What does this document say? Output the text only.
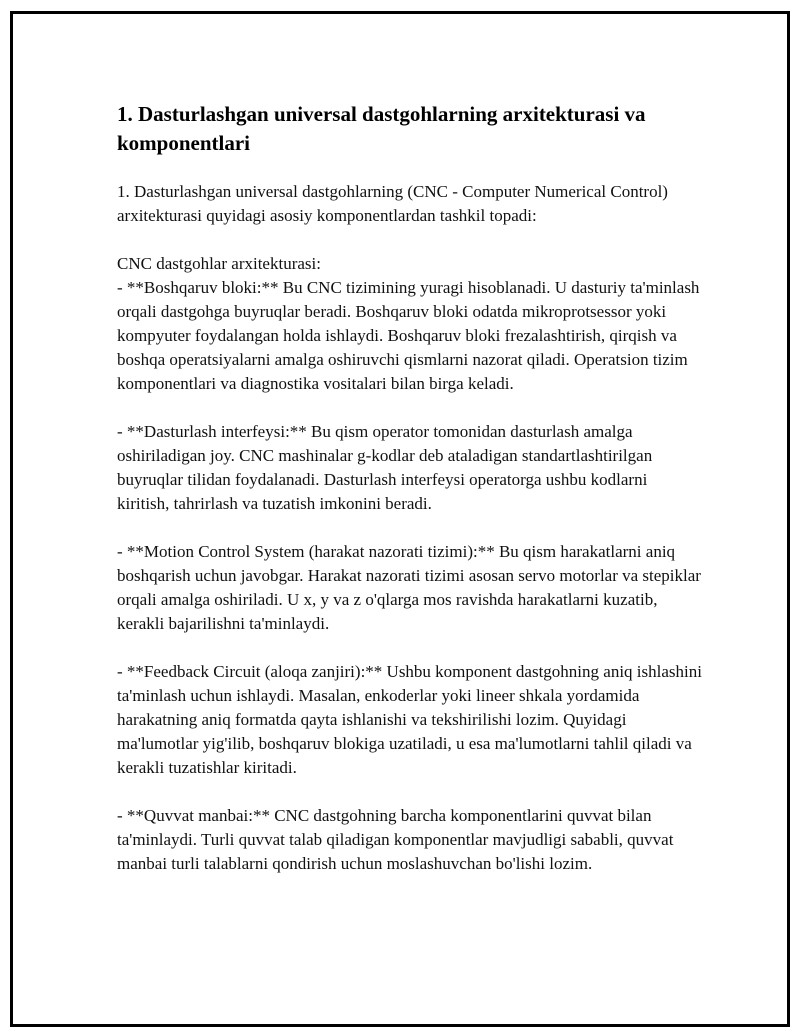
1. Dasturlashgan universal dastgohlarning arxitekturasi va komponentlari

1. Dasturlashgan universal dastgohlarning (CNC - Computer Numerical Control) arxitekturasi quyidagi asosiy komponentlardan tashkil topadi:

CNC dastgohlar arxitekturasi:

- **Boshqaruv bloki:** Bu CNC tizimining yuragi hisoblanadi. U dasturiy ta'minlash orqali dastgohga buyruqlar beradi. Boshqaruv bloki odatda mikroprotsessor yoki kompyuter foydalangan holda ishlaydi. Boshqaruv bloki frezalashtirish, qirqish va boshqa operatsiyalarni amalga oshiruvchi qismlarni nazorat qiladi. Operatsion tizim komponentlari va diagnostika vositalari bilan birga keladi.

- **Dasturlash interfeysi:** Bu qism operator tomonidan dasturlash amalga oshiriladigan joy. CNC mashinalar g-kodlar deb ataladigan standartlashtirilgan buyruqlar tilidan foydalanadi. Dasturlash interfeysi operatorga ushbu kodlarni kiritish, tahrirlash va tuzatish imkonini beradi.

- **Motion Control System (harakat nazorati tizimi):** Bu qism harakatlarni aniq boshqarish uchun javobgar. Harakat nazorati tizimi asosan servo motorlar va stepiklar orqali amalga oshiriladi. U x, y va z o'qlarga mos ravishda harakatlarni kuzatib, kerakli bajarilishni ta'minlaydi.

- **Feedback Circuit (aloqa zanjiri):** Ushbu komponent dastgohning aniq ishlashini ta'minlash uchun ishlaydi. Masalan, enkoderlar yoki lineer shkala yordamida harakatning aniq formatda qayta ishlanishi va tekshirilishi lozim. Quyidagi ma'lumotlar yig'ilib, boshqaruv blokiga uzatiladi, u esa ma'lumotlarni tahlil qiladi va kerakli tuzatishlar kiritadi.

- **Quvvat manbai:** CNC dastgohning barcha komponentlarini quvvat bilan ta'minlaydi. Turli quvvat talab qiladigan komponentlar mavjudligi sababli, quvvat manbai turli talablarni qondirish uchun moslashuvchan bo'lishi lozim.
